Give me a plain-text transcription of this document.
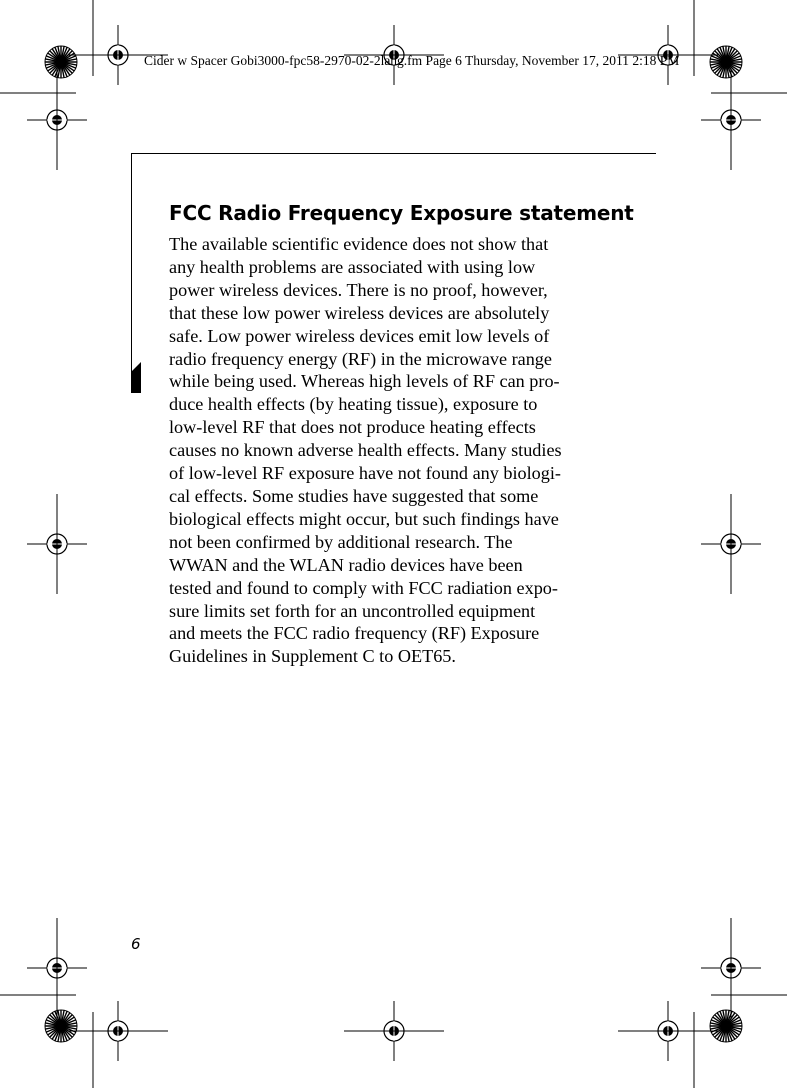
Cider w Spacer Gobi3000-fpc58-2970-02-2lang.fm Page 6 Thursday, November 17, 2011 2:18 PM
FCC Radio Frequency Exposure statement
The available scientific evidence does not show that
any health problems are associated with using low
power wireless devices. There is no proof, however,
that these low power wireless devices are absolutely
safe. Low power wireless devices emit low levels of
radio frequency energy (RF) in the microwave range
while being used. Whereas high levels of RF can pro-
duce health effects (by heating tissue), exposure to
low-level RF that does not produce heating effects
causes no known adverse health effects. Many studies
of low-level RF exposure have not found any biologi-
cal effects. Some studies have suggested that some
biological effects might occur, but such findings have
not been confirmed by additional research. The
WWAN and the WLAN radio devices have been
tested and found to comply with FCC radiation expo-
sure limits set forth for an uncontrolled equipment
and meets the FCC radio frequency (RF) Exposure
Guidelines in Supplement C to OET65.
6
